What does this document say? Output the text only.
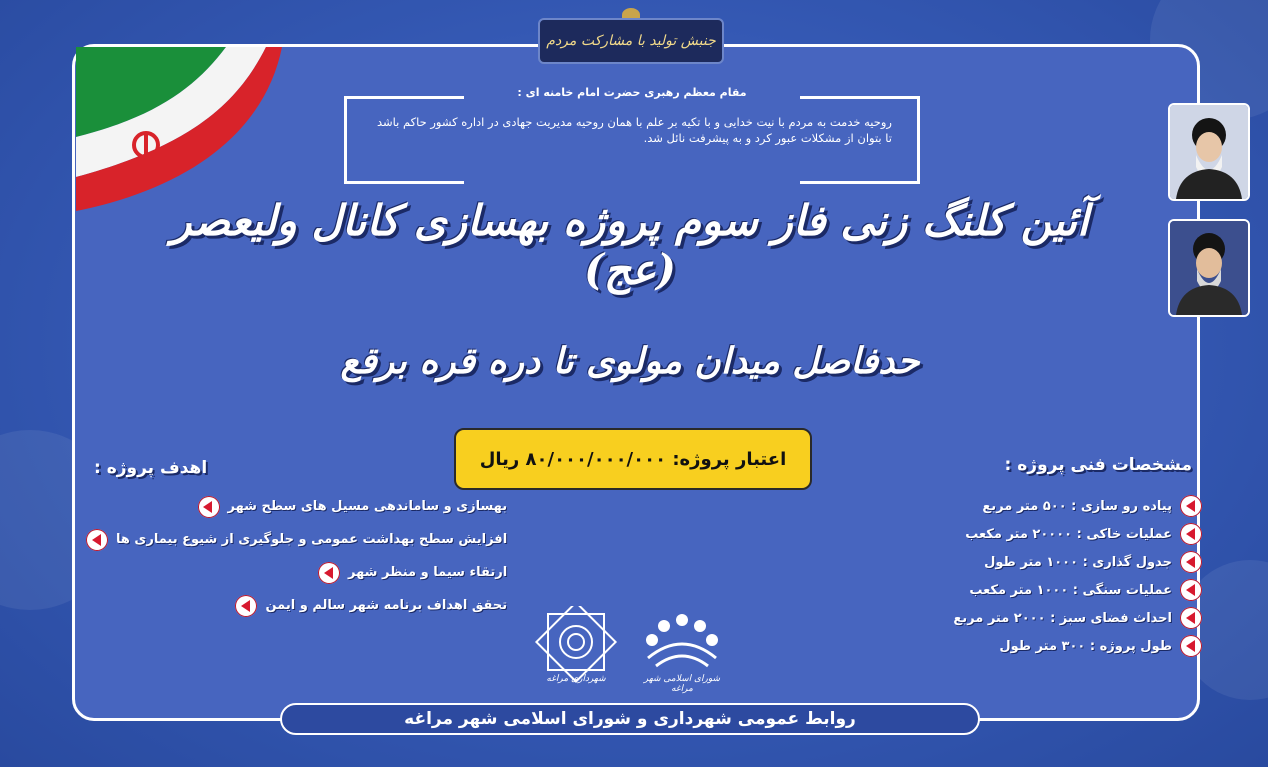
جنبش تولید با مشارکت مردم
مقام معظم رهبری حضرت امام خامنه ای :
روحیه خدمت به مردم با نیت خدایی و با تکیه بر علم با همان روحیه مدیریت جهادی در اداره کشور حاکم باشد تا بتوان از مشکلات عبور کرد و به پیشرفت نائل شد.
آئین کلنگ زنی فاز سوم پروژه بهسازی کانال ولیعصر (عج)
حدفاصل میدان مولوی تا دره قره برقع
اعتبار پروژه: ۸۰/۰۰۰/۰۰۰/۰۰۰ ریال	مشخصات فنی پروژه :
پیاده رو سازی : ۵۰۰ متر مربع
عملیات خاکی : ۲۰۰۰۰ متر مکعب
جدول گذاری : ۱۰۰۰ متر طول
عملیات سنگی : ۱۰۰۰ متر مکعب
احداث فضای سبز : ۲۰۰۰ متر مربع
طول پروژه : ۳۰۰ متر طول
اهدف پروژه :
بهسازی و ساماندهی مسیل های سطح شهر
افزایش سطح بهداشت عمومی و جلوگیری از شیوع بیماری ها
ارتقاء سیما و منظر شهر
تحقق اهداف برنامه شهر سالم و ایمن
شهرداری مراغه	شورای اسلامی شهر مراغه
روابط عمومی شهرداری و شورای اسلامی شهر مراغه
